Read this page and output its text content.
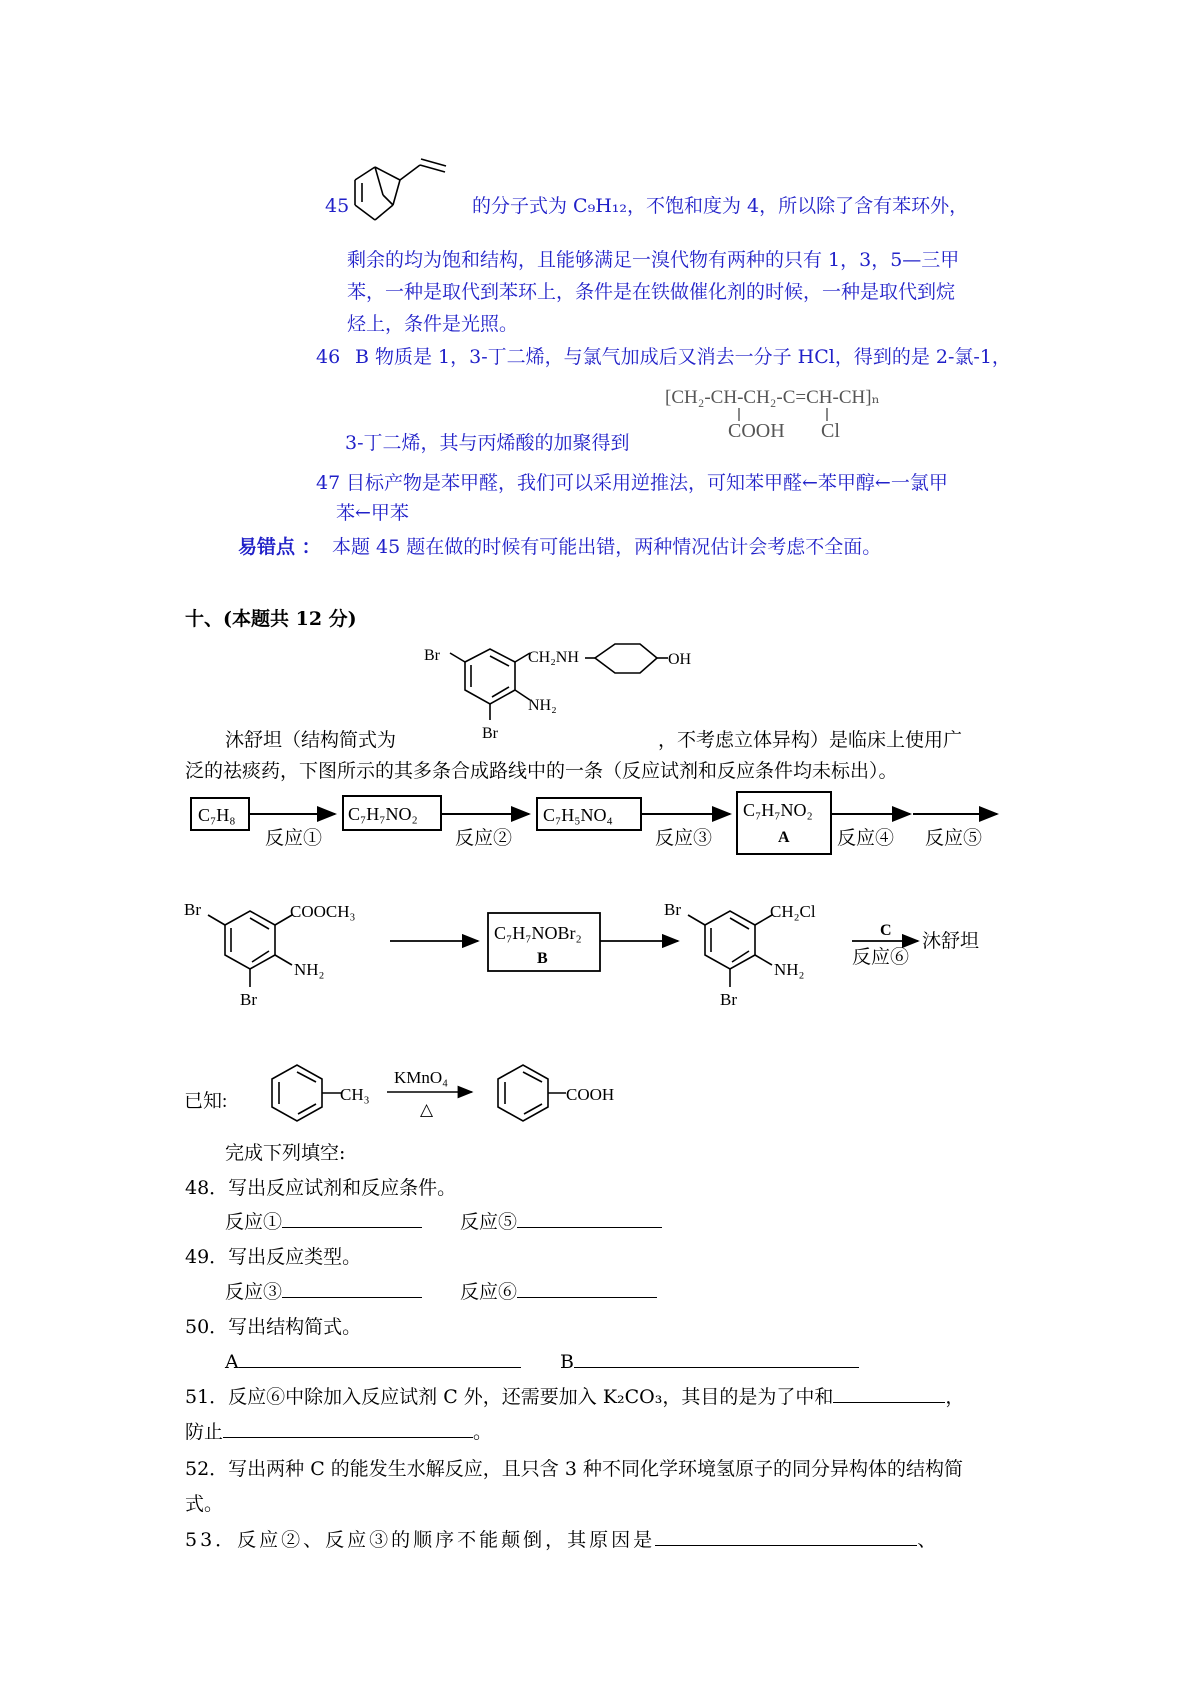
45	的分子式为 C₉H₁₂，不饱和度为 4，所以除了含有苯环外，
剩余的均为饱和结构，且能够满足一溴代物有两种的只有 1，3，5—三甲
苯，一种是取代到苯环上，条件是在铁做催化剂的时候，一种是取代到烷
烃上，条件是光照。
46 B 物质是 1，3-丁二烯，与氯气加成后又消去一分子 HCl，得到的是 2-氯-1，
[CH₂-CH-CH₂-C=CH-CH]ₙ
COOH Cl
3-丁二烯，其与丙烯酸的加聚得到
47 目标产物是苯甲醛，我们可以采用逆推法，可知苯甲醛←苯甲醇←一氯甲
苯←甲苯
易错点 ： 本题 45 题在做的时候有可能出错，两种情况估计会考虑不全面。
十、(本题共 12 分)
Br	CH₂NH	OH
NH₂
Br
沐舒坦（结构简式为	，不考虑立体异构）是临床上使用广
泛的祛痰药，下图所示的其多条合成路线中的一条（反应试剂和反应条件均未标出）。
C₇H₈	C₇H₇NO₂	C₇H₅NO₄	C₇H₇NO₂
A
反应①	反应②	反应③	反应④ 反应⑤
Br	COOCH₃
NH₂
Br
C₇H₇NOBr₂
B
Br	CH₂Cl
NH₂
Br
C
反应⑥
沐舒坦
已知:	CH₃
KMnO₄
△
COOH
完成下列填空:
48．写出反应试剂和反应条件。
反应①	反应⑤
49．写出反应类型。
反应③	反应⑥
50．写出结构简式。
A	B
51．反应⑥中除加入反应试剂 C 外，还需要加入 K₂CO₃，其目的是为了中和	，
防止	。
52．写出两种 C 的能发生水解反应，且只含 3 种不同化学环境氢原子的同分异构体的结构简
式。
53．反应②、反应③的顺序不能颠倒，其原因是	、
